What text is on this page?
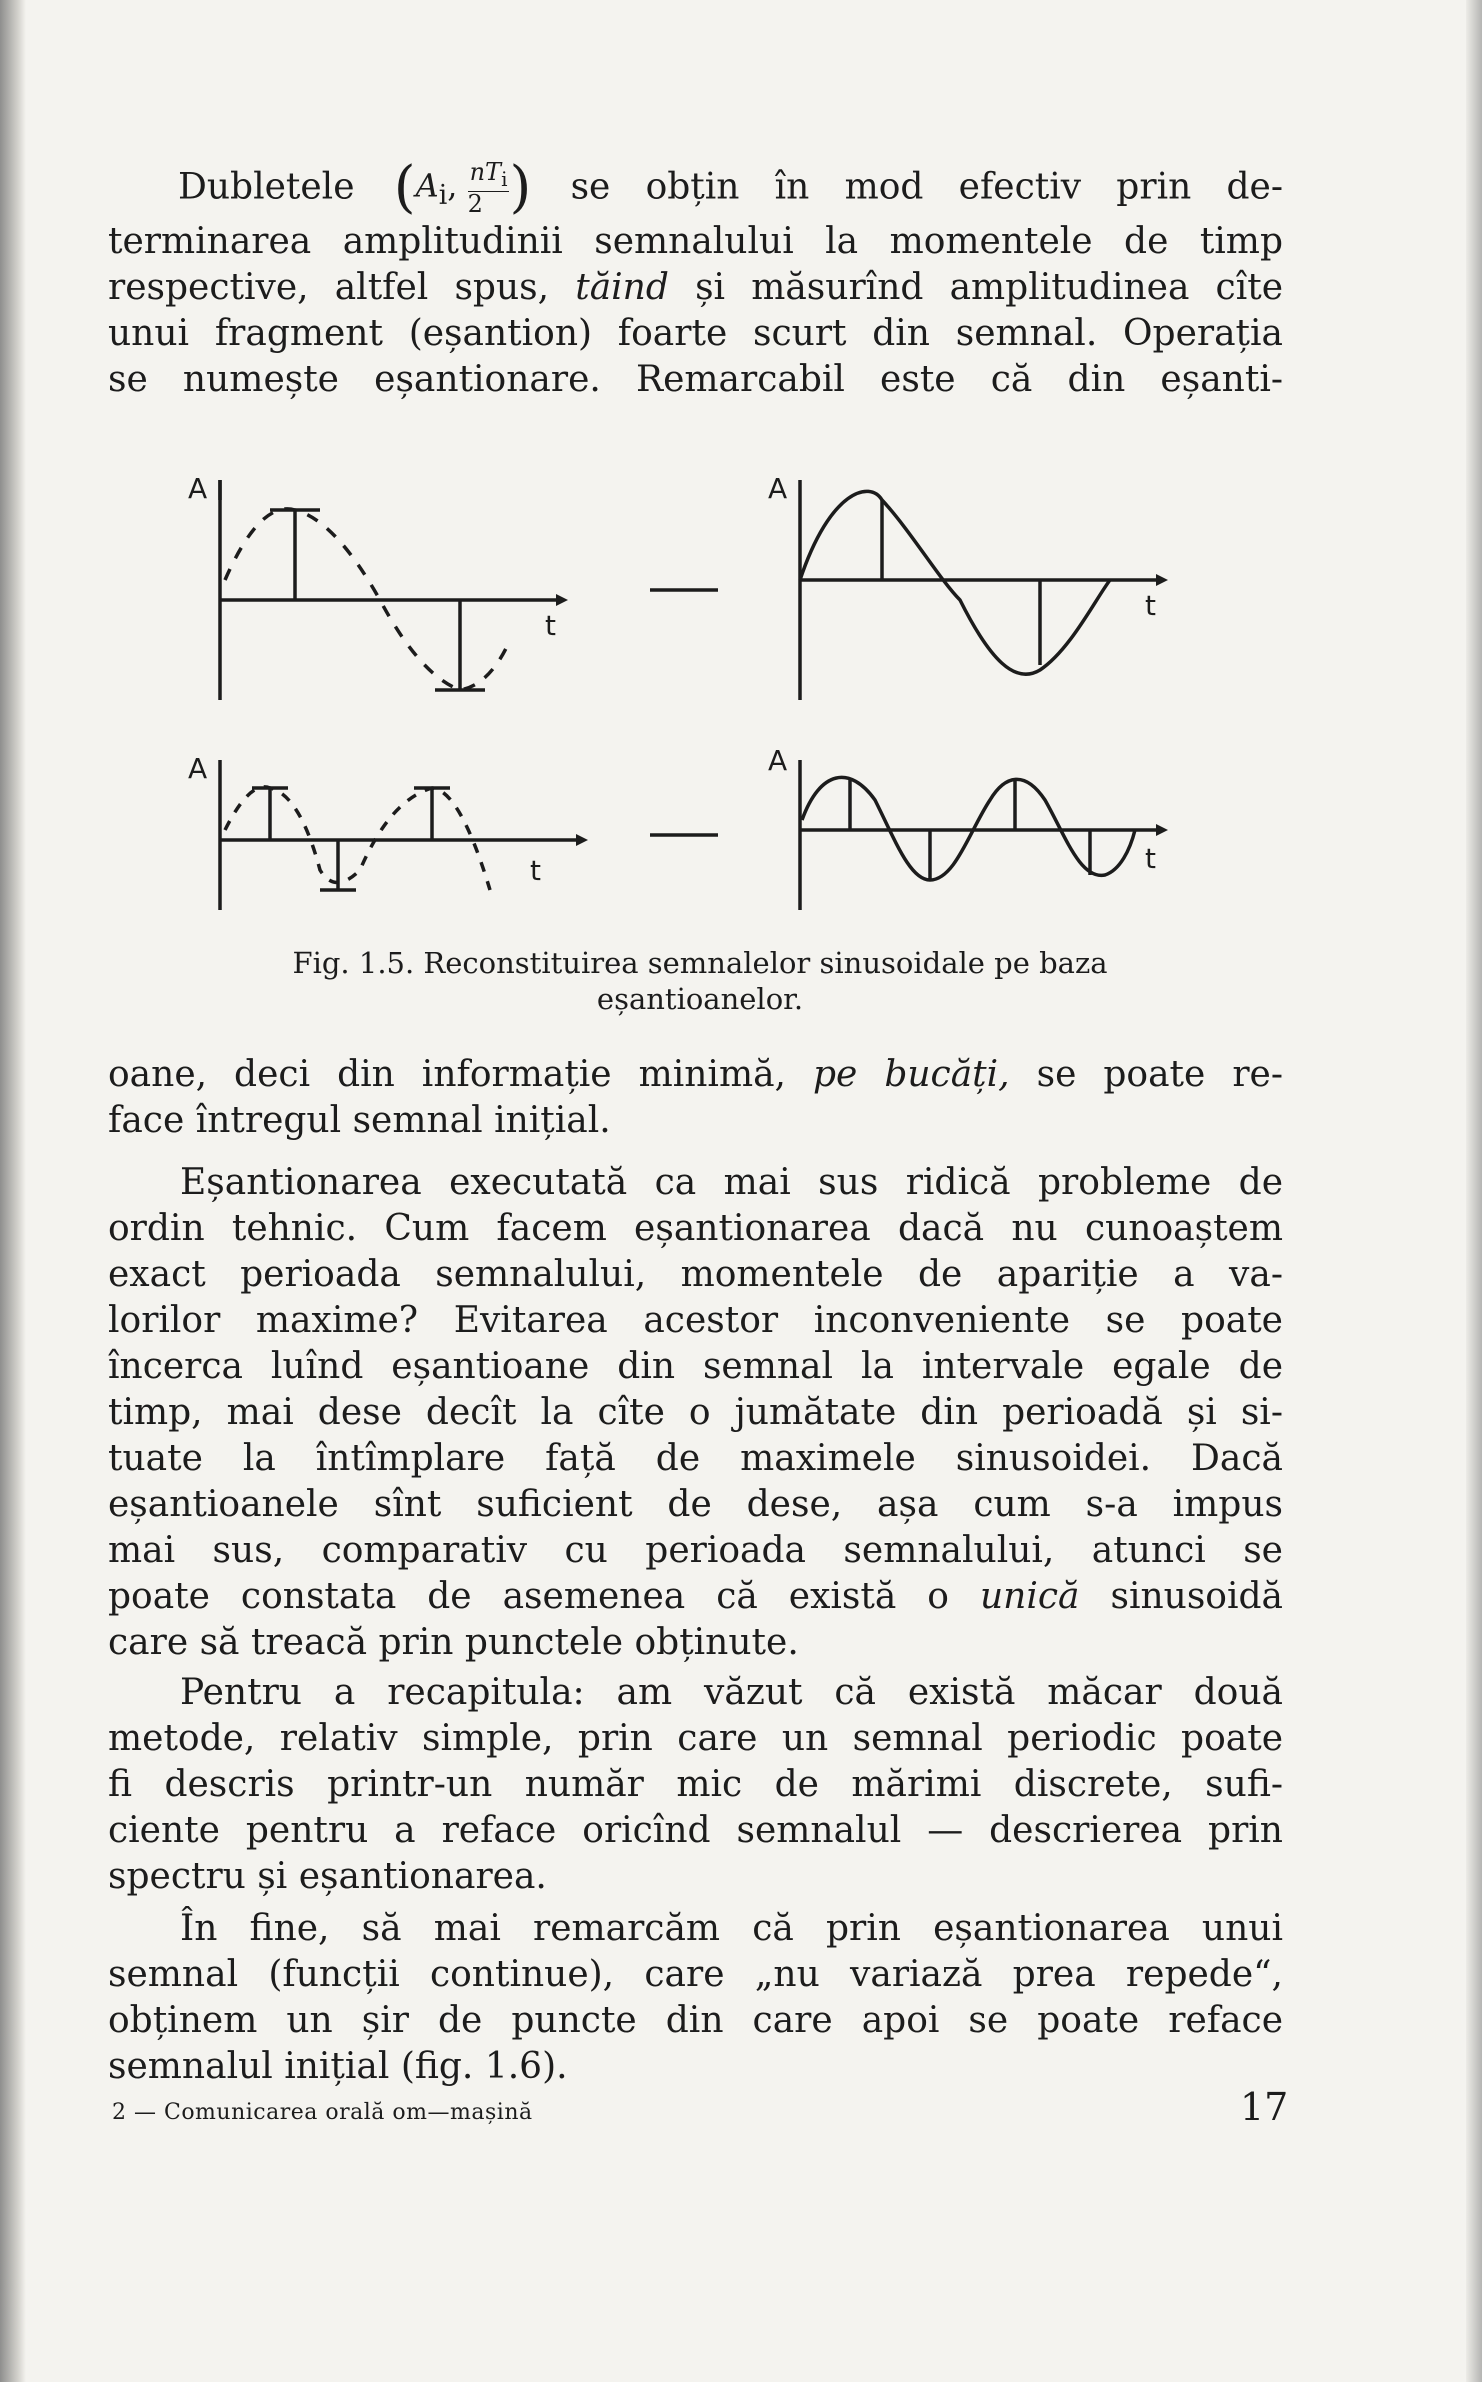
Dubletele ($A_i$, $\frac{nT_i}{2}$ ) se obțin în mod efectiv prin de-
terminarea amplitudinii semnalului la momentele de timp
respective, altfel spus, tăind și măsurînd amplitudinea cîte
unui fragment (eșantion) foarte scurt din semnal. Operația
se numește eșantionare. Remarcabil este că din eșanti-
A
t
A
t
A
t
A
t
Fig. 1.5. Reconstituirea semnalelor sinusoidale pe baza
eșantioanelor.
oane, deci din informație minimă, pe bucăți, se poate re-
face întregul semnal inițial.
Eșantionarea executată ca mai sus ridică probleme de
ordin tehnic. Cum facem eșantionarea dacă nu cunoaștem
exact perioada semnalului, momentele de apariție a va-
lorilor maxime? Evitarea acestor inconveniente se poate
încerca luînd eșantioane din semnal la intervale egale de
timp, mai dese decît la cîte o jumătate din perioadă și si-
tuate la întîmplare față de maximele sinusoidei. Dacă
eșantioanele sînt suficient de dese, așa cum s-a impus
mai sus, comparativ cu perioada semnalului, atunci se
poate constata de asemenea că există o unică sinusoidă
care să treacă prin punctele obținute.
Pentru a recapitula: am văzut că există măcar două
metode, relativ simple, prin care un semnal periodic poate
fi descris printr-un număr mic de mărimi discrete, sufi-
ciente pentru a reface oricînd semnalul — descrierea prin
spectru și eșantionarea.
În fine, să mai remarcăm că prin eșantionarea unui
semnal (funcții continue), care „nu variază prea repede“,
obținem un șir de puncte din care apoi se poate reface
semnalul inițial (fig. 1.6).
2 — Comunicarea orală om—mașină	17
